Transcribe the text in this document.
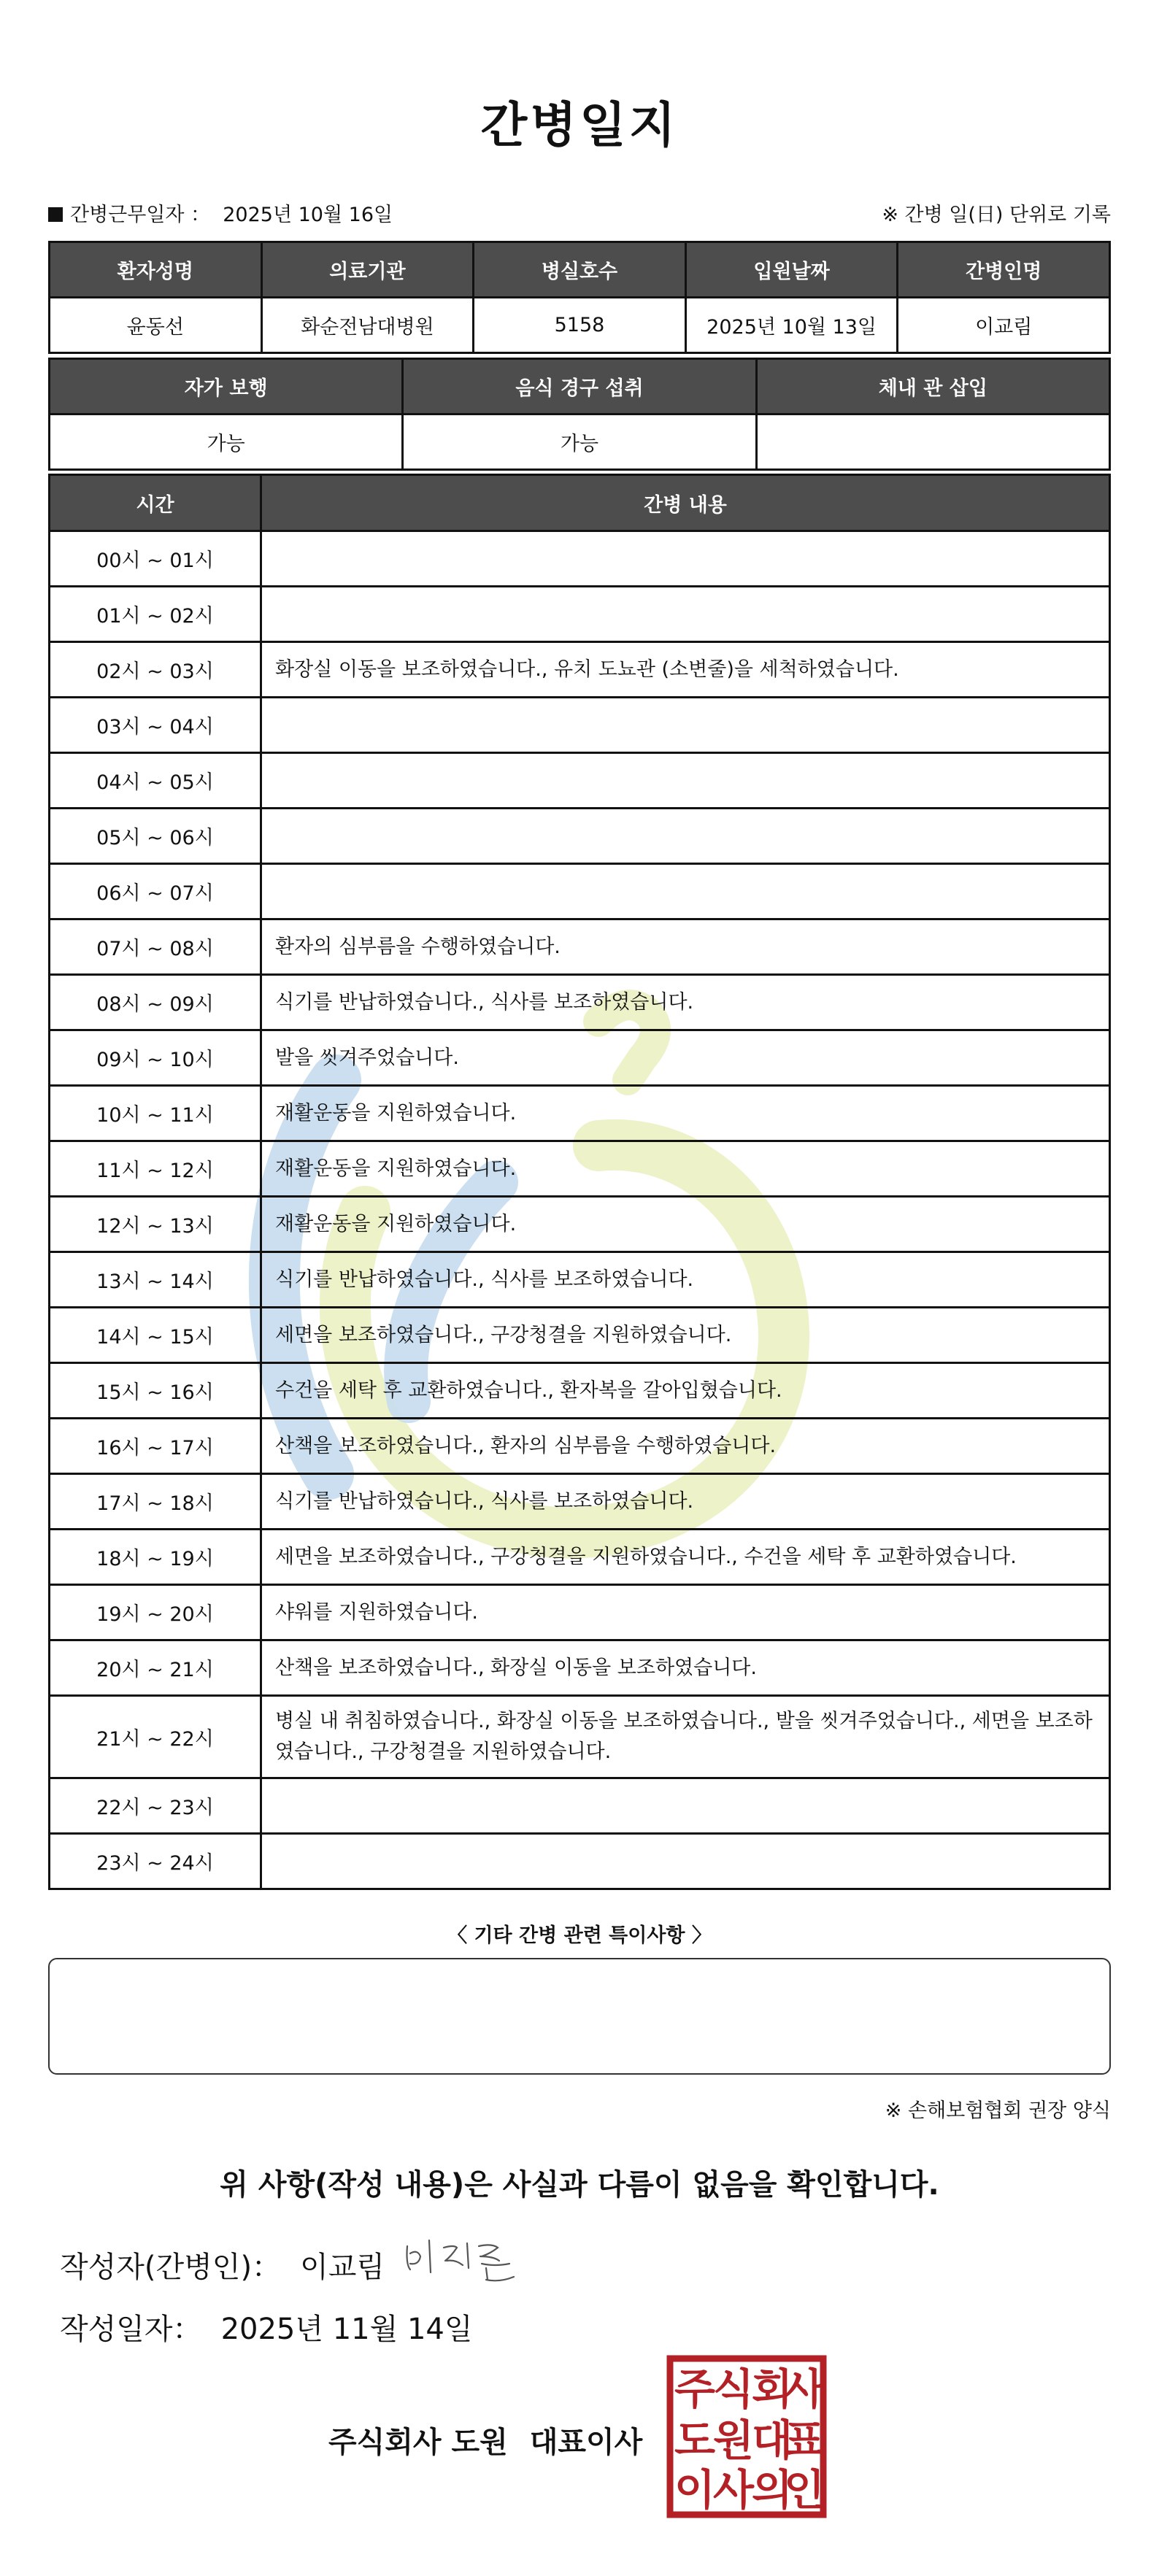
간병일지
간병근무일자 ： 2025년 10월 16일	※ 간병 일(日) 단위로 기록
환자성명	의료기관	병실호수	입원날짜	간병인명
윤동선	화순전남대병원	5158	2025년 10월 13일	이교림
자가 보행	음식 경구 섭취	체내 관 삽입
가능	가능	
시간	간병 내용
00시 ~ 01시	
01시 ~ 02시	
02시 ~ 03시	화장실 이동을 보조하였습니다., 유치 도뇨관 (소변줄)을 세척하였습니다.
03시 ~ 04시	
04시 ~ 05시	
05시 ~ 06시	
06시 ~ 07시	
07시 ~ 08시	환자의 심부름을 수행하였습니다.
08시 ~ 09시	식기를 반납하였습니다., 식사를 보조하였습니다.
09시 ~ 10시	발을 씻겨주었습니다.
10시 ~ 11시	재활운동을 지원하였습니다.
11시 ~ 12시	재활운동을 지원하였습니다.
12시 ~ 13시	재활운동을 지원하였습니다.
13시 ~ 14시	식기를 반납하였습니다., 식사를 보조하였습니다.
14시 ~ 15시	세면을 보조하였습니다., 구강청결을 지원하였습니다.
15시 ~ 16시	수건을 세탁 후 교환하였습니다., 환자복을 갈아입혔습니다.
16시 ~ 17시	산책을 보조하였습니다., 환자의 심부름을 수행하였습니다.
17시 ~ 18시	식기를 반납하였습니다., 식사를 보조하였습니다.
18시 ~ 19시	세면을 보조하였습니다., 구강청결을 지원하였습니다., 수건을 세탁 후 교환하였습니다.
19시 ~ 20시	샤워를 지원하였습니다.
20시 ~ 21시	산책을 보조하였습니다., 화장실 이동을 보조하였습니다.
21시 ~ 22시	병실 내 취침하였습니다., 화장실 이동을 보조하였습니다., 발을 씻겨주었습니다., 세면을 보조하였습니다., 구강청결을 지원하였습니다.
22시 ~ 23시	
23시 ~ 24시	
〈 기타 간병 관련 특이사항 〉
※ 손해보험협회 권장 양식
위 사항(작성 내용)은 사실과 다름이 없음을 확인합니다.
작성자(간병인)： 이교림
작성일자： 2025년 11월 14일
주식회사 도원 대표이사
주
식
회
사
도
원
대
표
이
사
의
인
